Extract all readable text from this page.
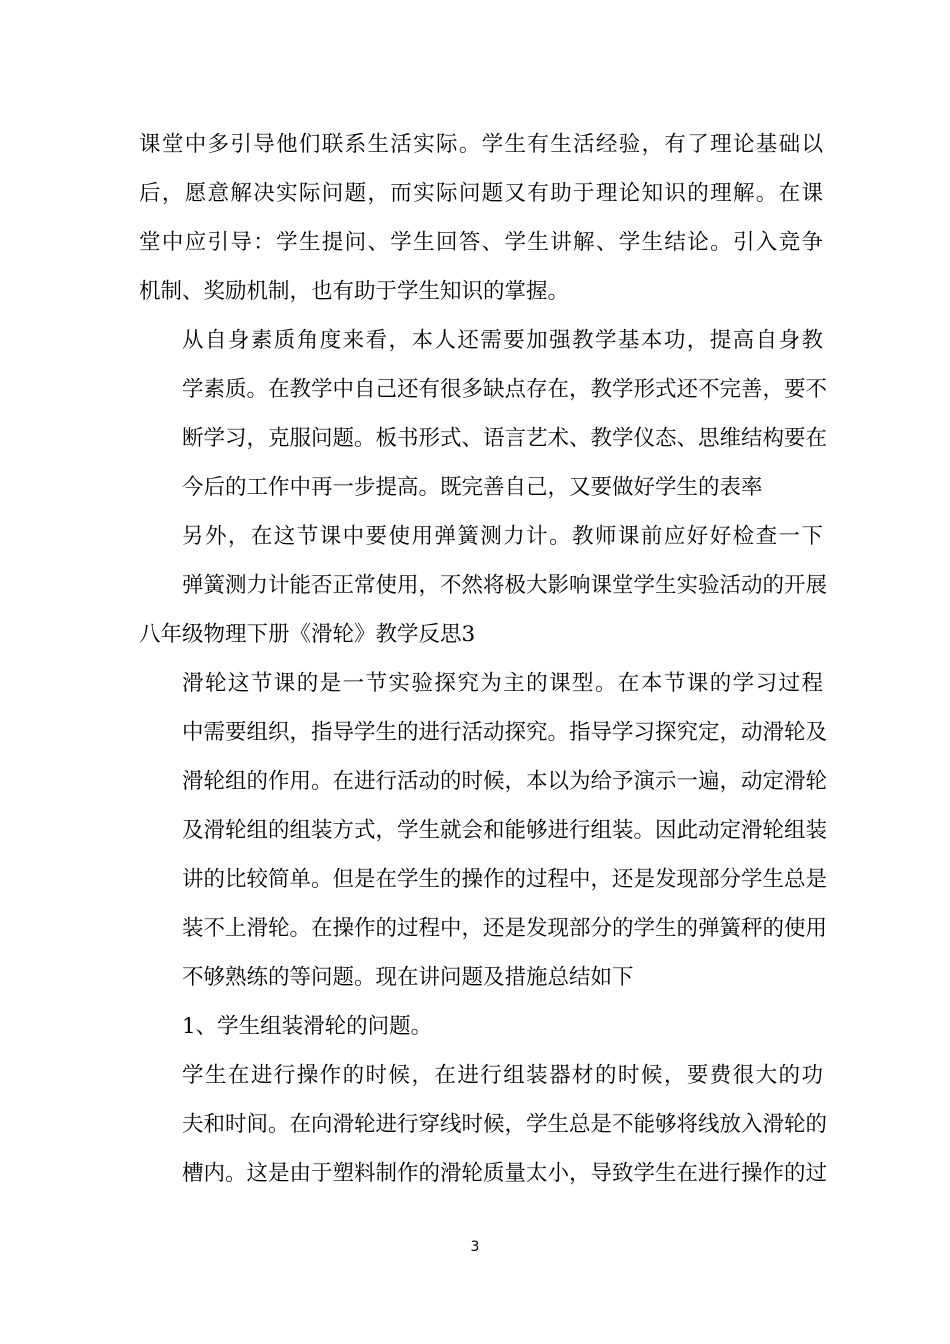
课堂中多引导他们联系生活实际。学生有生活经验，有了理论基础以
后，愿意解决实际问题，而实际问题又有助于理论知识的理解。在课
堂中应引导：学生提问、学生回答、学生讲解、学生结论。引入竞争
机制、奖励机制，也有助于学生知识的掌握。

从自身素质角度来看，本人还需要加强教学基本功，提高自身教
学素质。在教学中自己还有很多缺点存在，教学形式还不完善，要不
断学习，克服问题。板书形式、语言艺术、教学仪态、思维结构要在
今后的工作中再一步提高。既完善自己，又要做好学生的表率

另外，在这节课中要使用弹簧测力计。教师课前应好好检查一下
弹簧测力计能否正常使用，不然将极大影响课堂学生实验活动的开展

八年级物理下册《滑轮》教学反思3

滑轮这节课的是一节实验探究为主的课型。在本节课的学习过程
中需要组织，指导学生的进行活动探究。指导学习探究定，动滑轮及
滑轮组的作用。在进行活动的时候，本以为给予演示一遍，动定滑轮
及滑轮组的组装方式，学生就会和能够进行组装。因此动定滑轮组装
讲的比较简单。但是在学生的操作的过程中，还是发现部分学生总是
装不上滑轮。在操作的过程中，还是发现部分的学生的弹簧秤的使用
不够熟练的等问题。现在讲问题及措施总结如下

1、学生组装滑轮的问题。

学生在进行操作的时候，在进行组装器材的时候，要费很大的功
夫和时间。在向滑轮进行穿线时候，学生总是不能够将线放入滑轮的
槽内。这是由于塑料制作的滑轮质量太小，导致学生在进行操作的过

3
